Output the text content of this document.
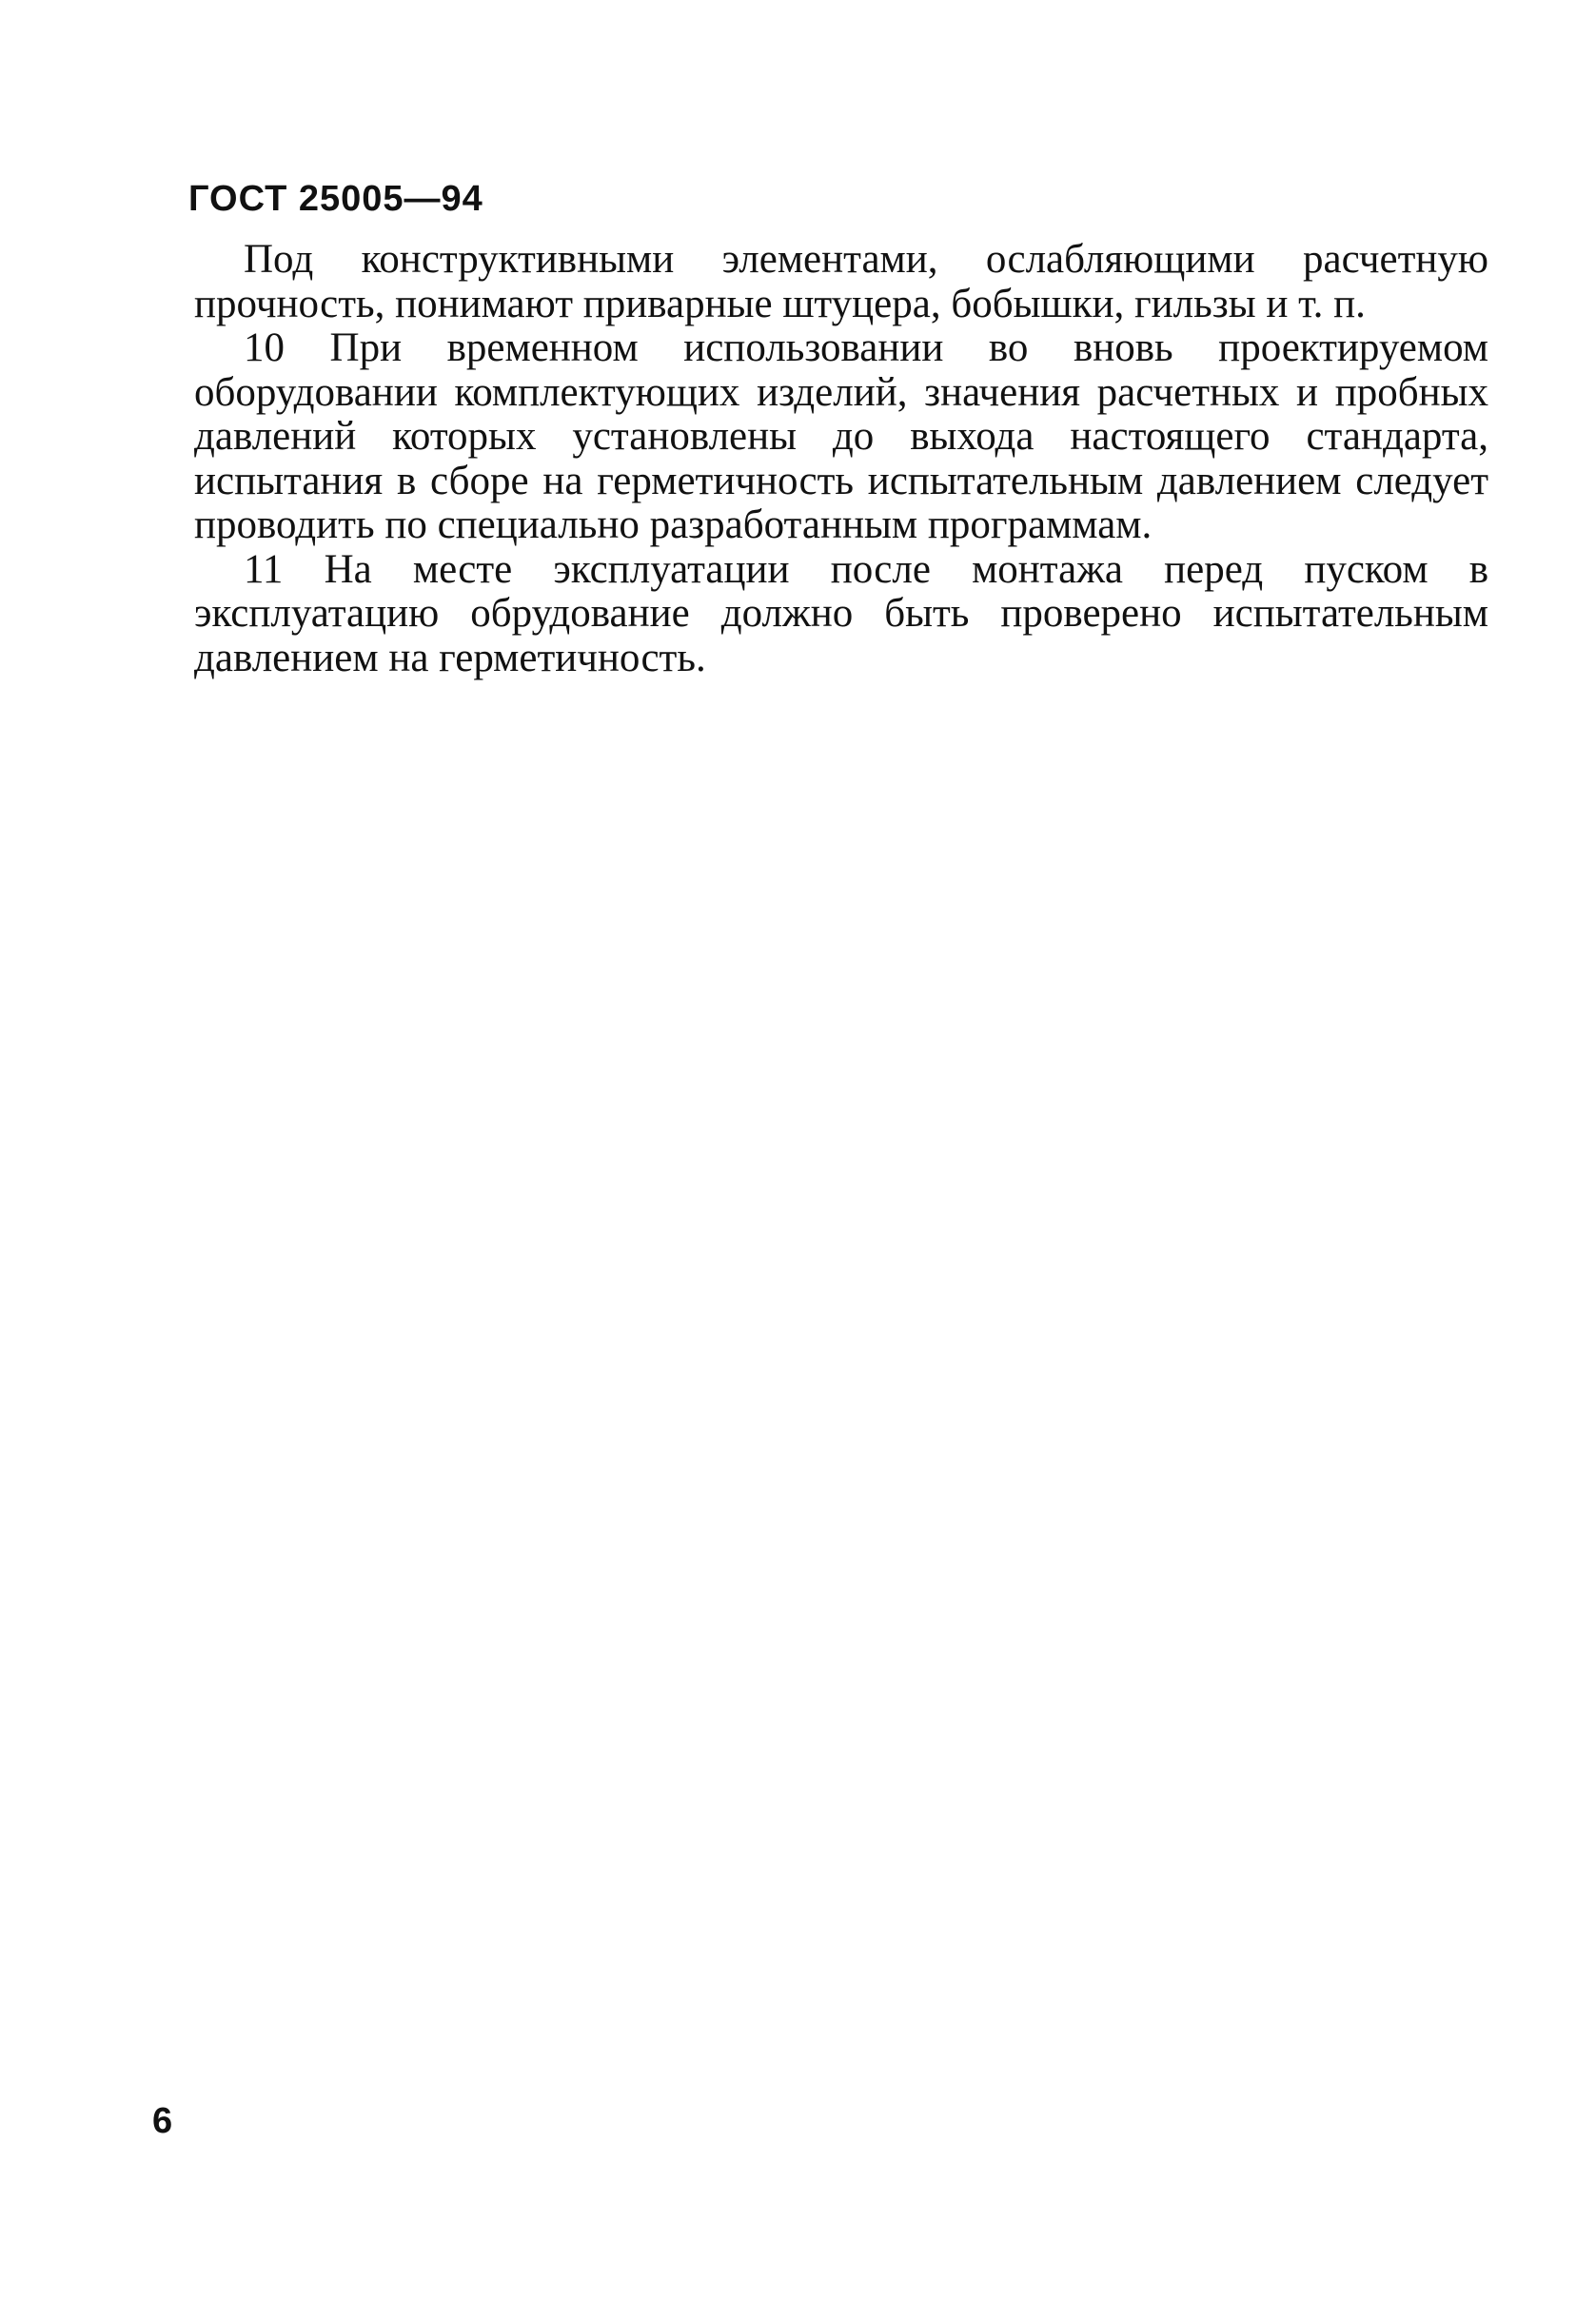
ГОСТ 25005—94

Под конструктивными элементами, ослабляющими расчетную прочность, понимают приварные штуцера, бобышки, гильзы и т. п.

10 При временном использовании во вновь проектируемом оборудовании комплектующих изделий, значения расчетных и пробных давлений которых установлены до выхода настоящего стандарта, испытания в сборе на герметичность испытательным давлением следует проводить по специально разработанным программам.

11 На месте эксплуатации после монтажа перед пуском в эксплуатацию обрудование должно быть проверено испытательным давлением на герметичность.

6
